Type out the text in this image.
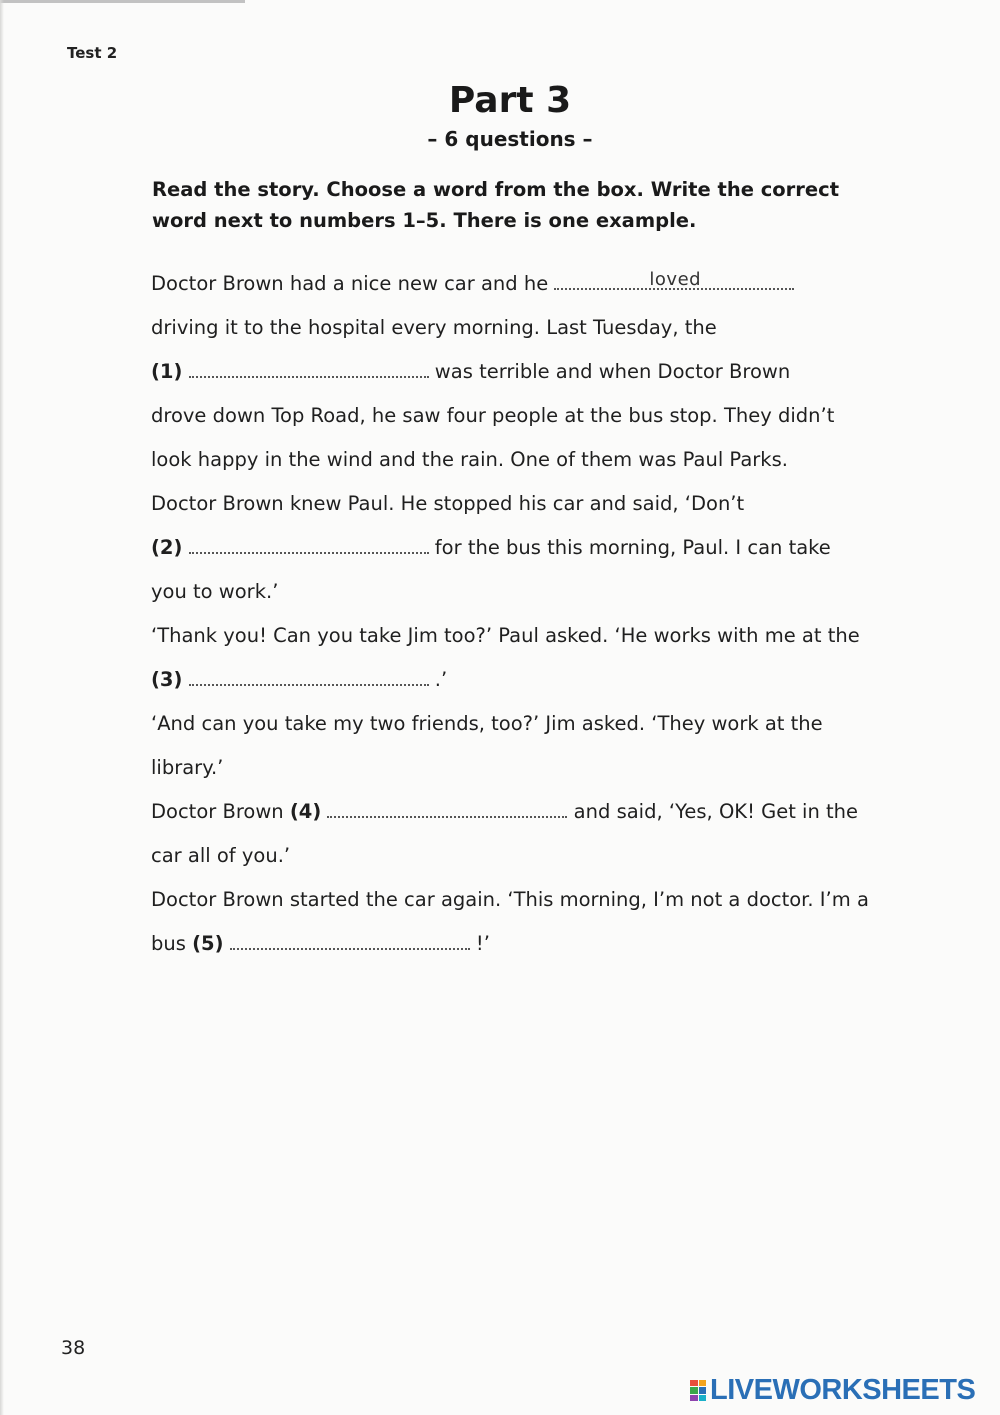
Test 2
Part 3
– 6 questions –
Read the story. Choose a word from the box. Write the correct
word next to numbers 1–5. There is one example.
Doctor Brown had a nice new car and he	loved
driving it to the hospital every morning. Last Tuesday, the
(1)	was terrible and when Doctor Brown
drove down Top Road, he saw four people at the bus stop. They didn’t
look happy in the wind and the rain. One of them was Paul Parks.
Doctor Brown knew Paul. He stopped his car and said, ‘Don’t
(2)	for the bus this morning, Paul. I can take
you to work.’
‘Thank you! Can you take Jim too?’ Paul asked. ‘He works with me at the
(3)	.’
‘And can you take my two friends, too?’ Jim asked. ‘They work at the
library.’
Doctor Brown (4)	and said, ‘Yes, OK! Get in the
car all of you.’
Doctor Brown started the car again. ‘This morning, I’m not a doctor. I’m a
bus (5)	!’
38
LIVEWORKSHEETS
